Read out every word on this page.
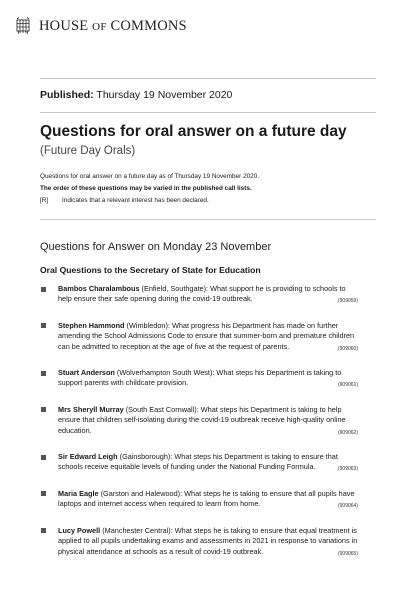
HOUSE OF COMMONS
Published: Thursday 19 November 2020
Questions for oral answer on a future day
(Future Day Orals)
Questions for oral answer on a future day as of Thursday 19 November 2020.
The order of these questions may be varied in the published call lists.
[R] Indicates that a relevant interest has been declared.
Questions for Answer on Monday 23 November
Oral Questions to the Secretary of State for Education
Bambos Charalambous (Enfield, Southgate): What support he is providing to schools to help ensure their safe opening during the covid-19 outbreak.	(909059)
Stephen Hammond (Wimbledon): What progress his Department has made on further amending the School Admissions Code to ensure that summer-born and premature children can be admitted to reception at the age of five at the request of parents.	(909060)
Stuart Anderson (Wolverhampton South West): What steps his Department is taking to support parents with childcare provision.	(909061)
Mrs Sheryll Murray (South East Cornwall): What steps his Department is taking to help ensure that children self-isolating during the covid-19 outbreak receive high-quality online education.	(909062)
Sir Edward Leigh (Gainsborough): What steps his Department is taking to ensure that schools receive equitable levels of funding under the National Funding Formula.	(909063)
Maria Eagle (Garston and Halewood): What steps he is taking to ensure that all pupils have laptops and internet access when required to learn from home.	(909064)
Lucy Powell (Manchester Central): What steps he is taking to ensure that equal treatment is applied to all pupils undertaking exams and assessments in 2021 in response to variations in physical attendance at schools as a result of covid-19 outbreak.	(909065)
